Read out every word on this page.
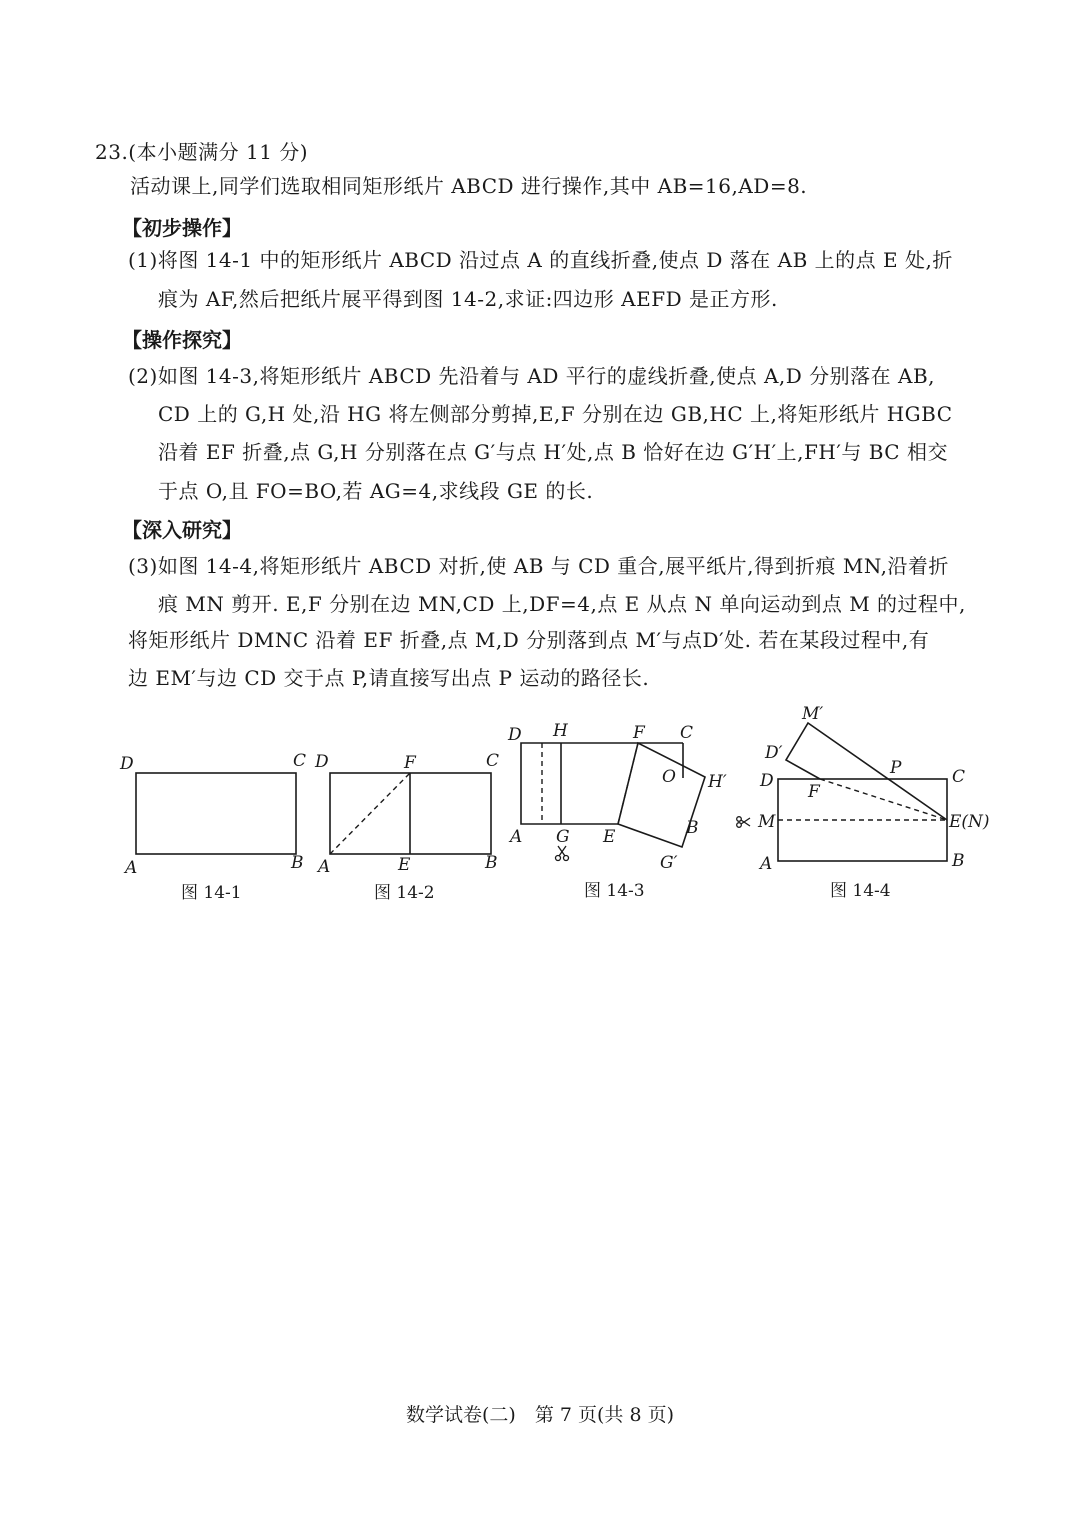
23.(本小题满分 11 分)
活动课上,同学们选取相同矩形纸片 ABCD 进行操作,其中 AB=16,AD=8.
【初步操作】
(1)将图 14-1 中的矩形纸片 ABCD 沿过点 A 的直线折叠,使点 D 落在 AB 上的点 E 处,折
痕为 AF,然后把纸片展平得到图 14-2,求证:四边形 AEFD 是正方形.
【操作探究】
(2)如图 14-3,将矩形纸片 ABCD 先沿着与 AD 平行的虚线折叠,使点 A,D 分别落在 AB,
CD 上的 G,H 处,沿 HG 将左侧部分剪掉,E,F 分别在边 GB,HC 上,将矩形纸片 HGBC
沿着 EF 折叠,点 G,H 分别落在点 G′与点 H′处,点 B 恰好在边 G′H′上,FH′与 BC 相交
于点 O,且 FO=BO,若 AG=4,求线段 GE 的长.
【深入研究】
(3)如图 14-4,将矩形纸片 ABCD 对折,使 AB 与 CD 重合,展平纸片,得到折痕 MN,沿着折
痕 MN 剪开. E,F 分别在边 MN,CD 上,DF=4,点 E 从点 N 单向运动到点 M 的过程中,
将矩形纸片 DMNC 沿着 EF 折叠,点 M,D 分别落到点 M′与点D′处. 若在某段过程中,有
边 EM′与边 CD 交于点 P,请直接写出点 P 运动的路径长.
D	C
A	B
图 14-1
D	F	C
A	E	B
图 14-2
D H	F C
O H′
A G E	B
G′
图 14-3
M′
D′
D
F
P	C
M	E(N)
A	B
图 14-4
数学试卷(二)　第 7 页(共 8 页)
